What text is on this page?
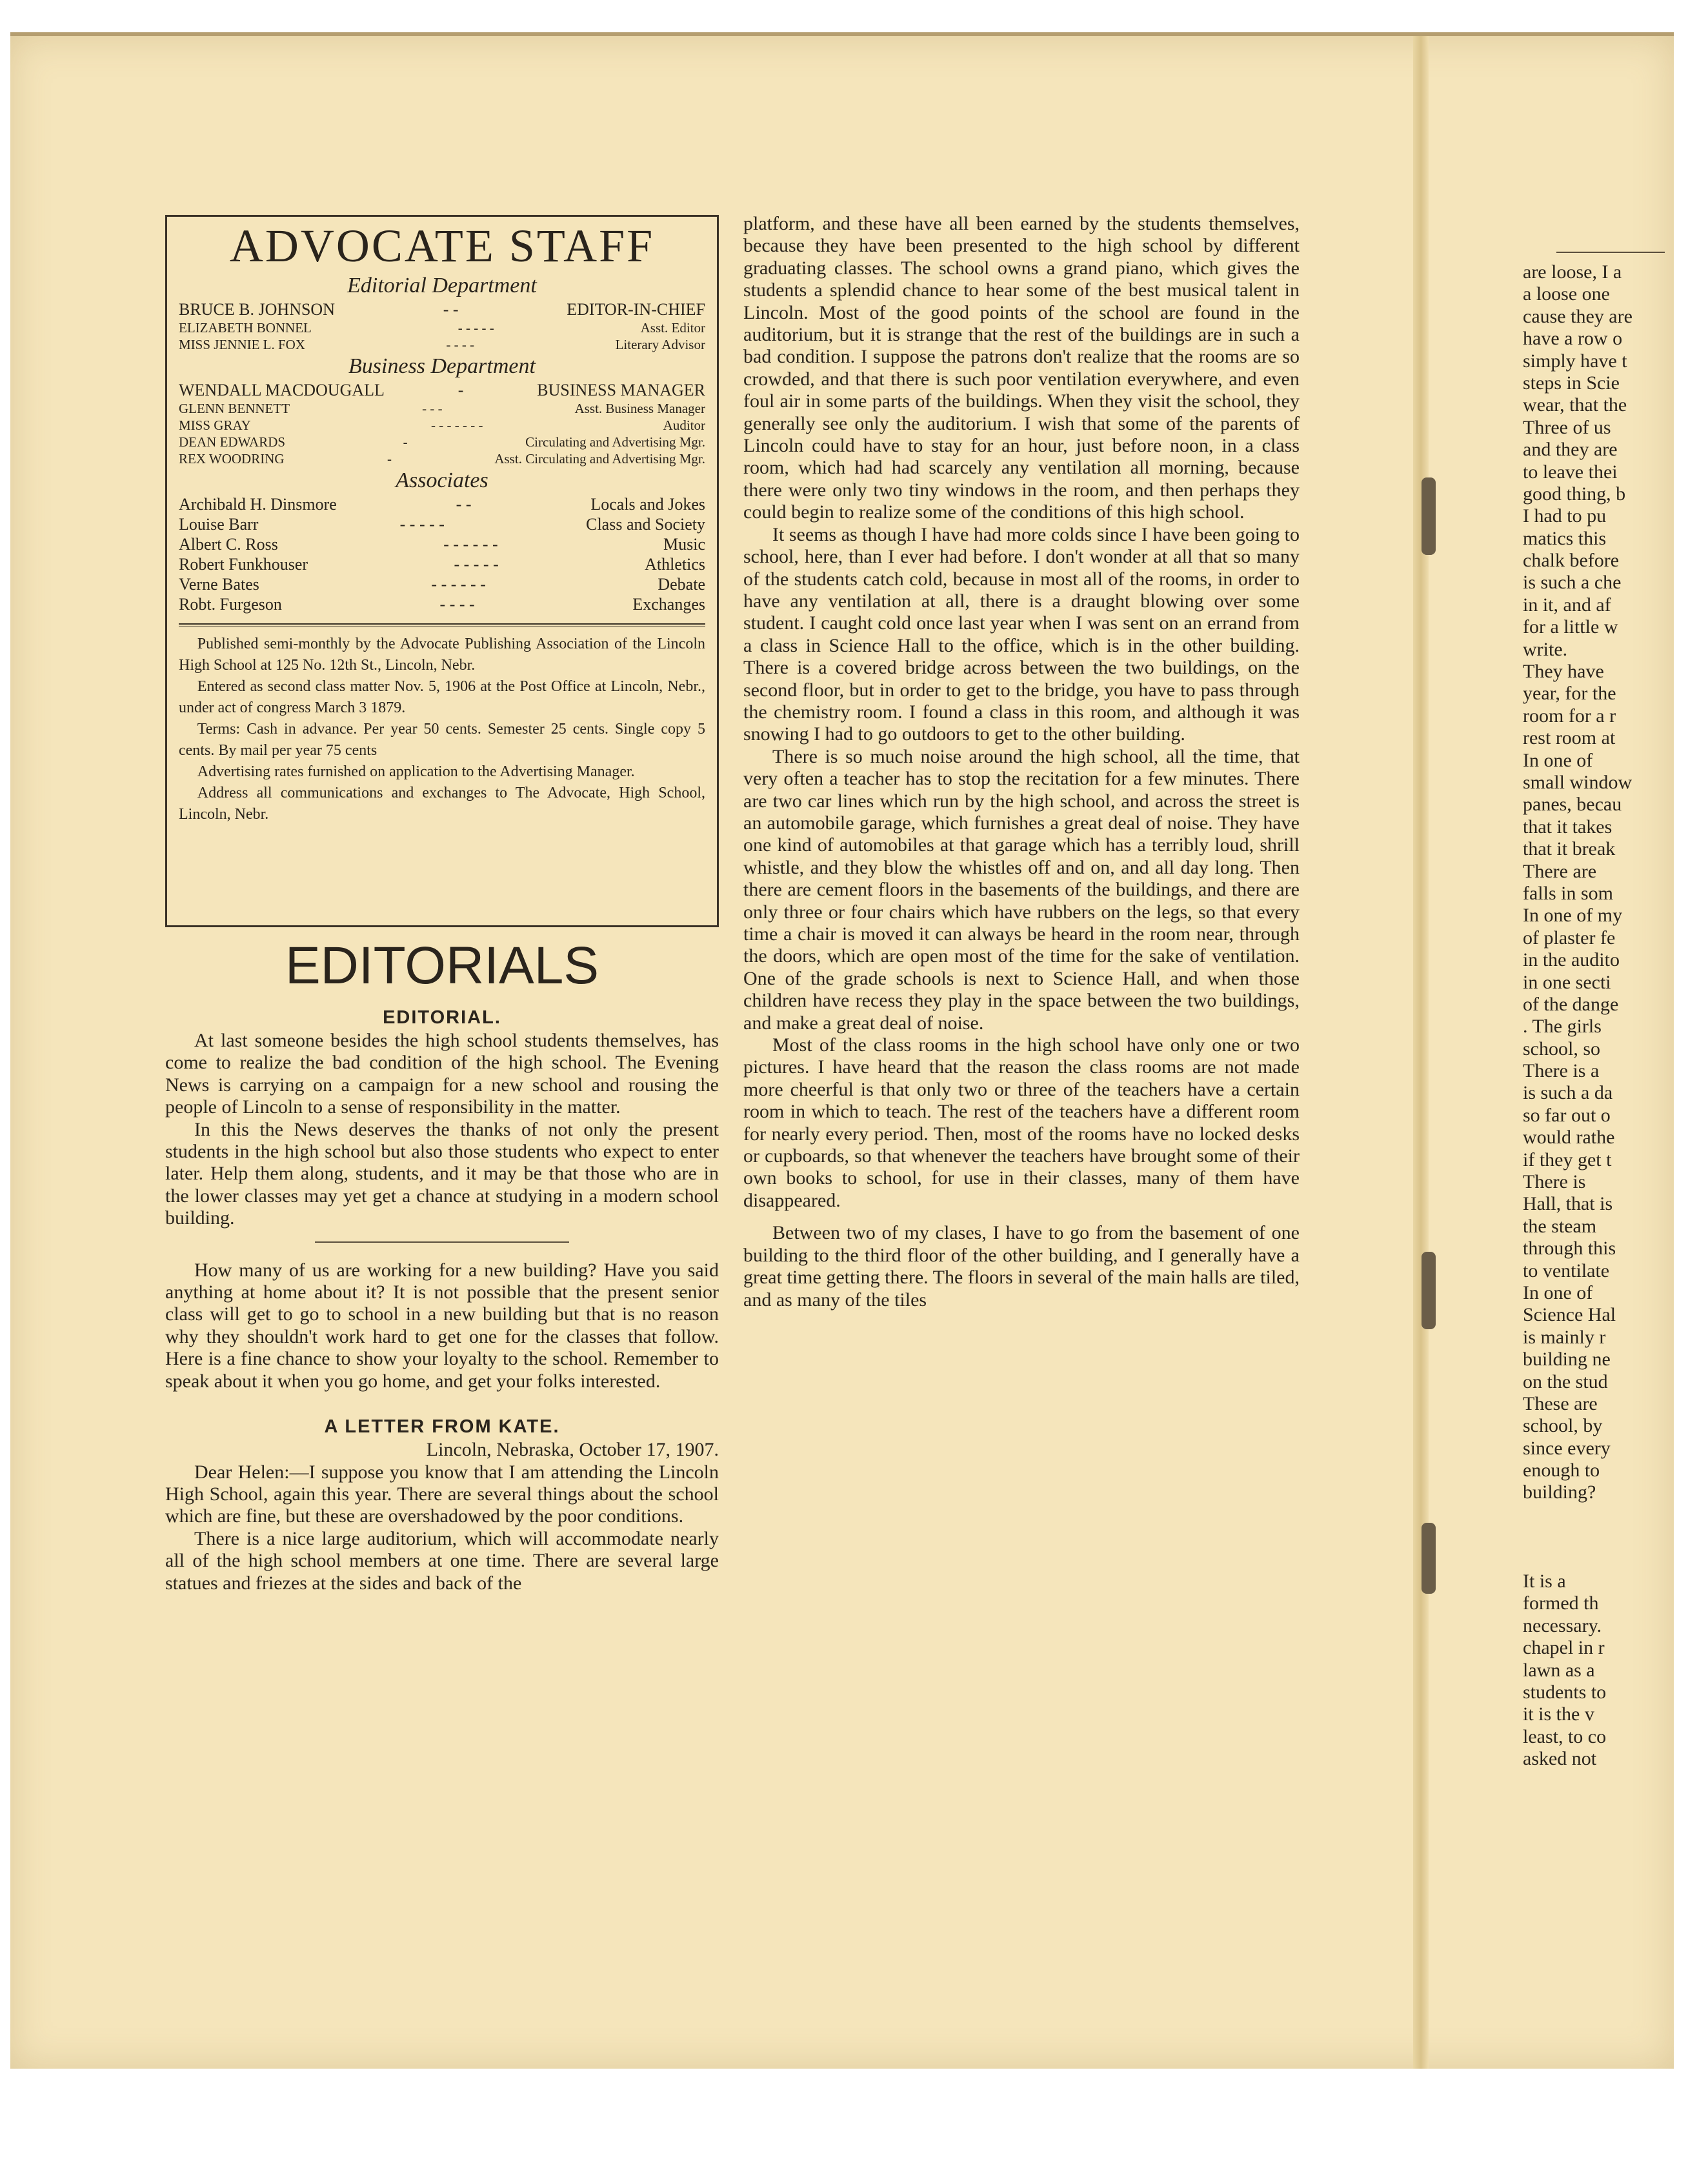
ADVOCATE STAFF
Editorial Department
BRUCE B. JOHNSON	- -	EDITOR-IN-CHIEF
ELIZABETH BONNEL	- - - - -	Asst. Editor
MISS JENNIE L. FOX	- - - -	Literary Advisor
Business Department
WENDALL MACDOUGALL	-	BUSINESS MANAGER
GLENN BENNETT	- - -	Asst. Business Manager
MISS GRAY	- - - - - - -	Auditor
DEAN EDWARDS	-	Circulating and Advertising Mgr.
REX WOODRING	-	Asst. Circulating and Advertising Mgr.
Associates
Archibald H. Dinsmore	- -	Locals and Jokes
Louise Barr	- - - - -	Class and Society
Albert C. Ross	- - - - - -	Music
Robert Funkhouser	- - - - -	Athletics
Verne Bates	- - - - - -	Debate
Robt. Furgeson	- - - -	Exchanges

Published semi-monthly by the Advocate Publishing Association of the Lincoln High School at 125 No. 12th St., Lincoln, Nebr.

Entered as second class matter Nov. 5, 1906 at the Post Office at Lincoln, Nebr., under act of congress March 3 1879.

Terms: Cash in advance. Per year 50 cents. Semester 25 cents. Single copy 5 cents. By mail per year 75 cents

Advertising rates furnished on application to the Advertising Manager.

Address all communications and exchanges to The Advocate, High School, Lincoln, Nebr.

EDITORIALS
EDITORIAL.

At last someone besides the high school students themselves, has come to realize the bad condition of the high school. The Evening News is carrying on a campaign for a new school and rousing the people of Lincoln to a sense of responsibility in the matter.

In this the News deserves the thanks of not only the present students in the high school but also those students who expect to enter later. Help them along, students, and it may be that those who are in the lower classes may yet get a chance at studying in a modern school building.

How many of us are working for a new building? Have you said anything at home about it? It is not possible that the present senior class will get to go to school in a new building but that is no reason why they shouldn't work hard to get one for the classes that follow. Here is a fine chance to show your loyalty to the school. Remember to speak about it when you go home, and get your folks interested.

A LETTER FROM KATE.

Lincoln, Nebraska, October 17, 1907.

Dear Helen:—I suppose you know that I am attending the Lincoln High School, again this year. There are several things about the school which are fine, but these are overshadowed by the poor conditions.

There is a nice large auditorium, which will accommodate nearly all of the high school members at one time. There are several large statues and friezes at the sides and back of the

platform, and these have all been earned by the students themselves, because they have been presented to the high school by different graduating classes. The school owns a grand piano, which gives the students a splendid chance to hear some of the best musical talent in Lincoln. Most of the good points of the school are found in the auditorium, but it is strange that the rest of the buildings are in such a bad condition. I suppose the patrons don't realize that the rooms are so crowded, and that there is such poor ventilation everywhere, and even foul air in some parts of the buildings. When they visit the school, they generally see only the auditorium. I wish that some of the parents of Lincoln could have to stay for an hour, just before noon, in a class room, which had had scarcely any ventilation all morning, because there were only two tiny windows in the room, and then perhaps they could begin to realize some of the conditions of this high school.

It seems as though I have had more colds since I have been going to school, here, than I ever had before. I don't wonder at all that so many of the students catch cold, because in most all of the rooms, in order to have any ventilation at all, there is a draught blowing over some student. I caught cold once last year when I was sent on an errand from a class in Science Hall to the office, which is in the other building. There is a covered bridge across between the two buildings, on the second floor, but in order to get to the bridge, you have to pass through the chemistry room. I found a class in this room, and although it was snowing I had to go outdoors to get to the other building.

There is so much noise around the high school, all the time, that very often a teacher has to stop the recitation for a few minutes. There are two car lines which run by the high school, and across the street is an automobile garage, which furnishes a great deal of noise. They have one kind of automobiles at that garage which has a terribly loud, shrill whistle, and they blow the whistles off and on, and all day long. Then there are cement floors in the basements of the buildings, and there are only three or four chairs which have rubbers on the legs, so that every time a chair is moved it can always be heard in the room near, through the doors, which are open most of the time for the sake of ventilation. One of the grade schools is next to Science Hall, and when those children have recess they play in the space between the two buildings, and make a great deal of noise.

Most of the class rooms in the high school have only one or two pictures. I have heard that the reason the class rooms are not made more cheerful is that only two or three of the teachers have a certain room in which to teach. The rest of the teachers have a different room for nearly every period. Then, most of the rooms have no locked desks or cupboards, so that whenever the teachers have brought some of their own books to school, for use in their classes, many of them have disappeared.

Between two of my clases, I have to go from the basement of one building to the third floor of the other building, and I generally have a great time getting there. The floors in several of the main halls are tiled, and as many of the tiles

are loose, I a
a loose one
cause they are
have a row o
simply have t
steps in Scie
wear, that the
Three of us
and they are
to leave thei
good thing, b
I had to pu
matics this
chalk before
is such a che
in it, and af
for a little w
write.
They have
year, for the
room for a r
rest room at
In one of
small window
panes, becau
that it takes
that it break
There are
falls in som
In one of my
of plaster fe
in the audito
in one secti
of the dange
. The girls
school, so
There is a
is such a da
so far out o
would rathe
if they get t
There is
Hall, that is
the steam
through this
to ventilate
In one of
Science Hal
is mainly r
building ne
on the stud
These are
school, by
since every
enough to
building?
It is a
formed th
necessary.
chapel in r
lawn as a
students to
it is the v
least, to co
asked not
